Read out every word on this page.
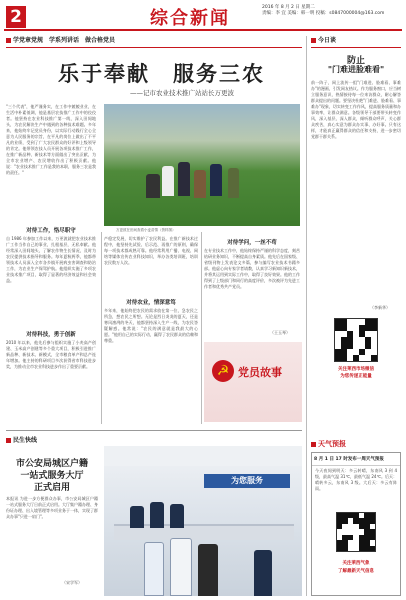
2	综合新闻
2016 年 8 月 2 日 星期二
责编：李 宜 美编：韩一明 投稿：s0847000004@163.com
学党章党规　学系列讲话　做合格党员
乐于奉献　服务三农
——记市农业技术推广站站长万更波
"三个代表"，他严谨务实，在工作中兢兢业业，在生活中朴素低调，他是基层农技推广工作中的佼佼者。他坚持在农业科技推广第一线，深入田间地头，为农民解决生产中遇到的各种技术难题。多年来，他始终牢记党员身份，以实际行动践行全心全意为人民服务的宗旨，在平凡的岗位上做出了不平凡的业绩，受到了广大农民群众的好评和上级领导的肯定。他带领农技人员开展各项技术推广工作，在推广新品种、新技术等方面做出了突出贡献，为全市农业增产、农民增收作出了积极贡献。他说："农业技术推广工作是我的本职，服务三农是我的责任。"
万更波在田间查看小麦苗情（资料图）
对待工作，恪尽职守
自 1986 年参加工作以来，万更波就把农业技术推广工作当作自己的事业，扎根基层，无私奉献。他经常深入田间地头，了解农作物生长情况，及时为农民提供技术指导和服务。每年夏秋两季，他都带领技术人员深入全市各乡镇开展病虫害调查和防治工作，为农业生产保驾护航。他组织实施了多项农业技术推广项目，取得了显著的经济效益和社会效益。
对待科技，勇于创新
2010 年以来，他先后参与组织实施了小麦高产创建、玉米高产创建等多个重大项目，积极引进推广新品种、新技术、新模式，全市粮食单产和总产连年增加。他主持的科研项目多次获得省市科技进步奖，为推动全市农业科技进步作出了重要贡献。
产稳定发展，切实维护了农民利益。在推广新技术过程中，他坚持先试验、后示范、再推广的原则，确保每一项技术都成熟可靠。他经常利用广播、电视、网络等媒体宣传农业科技知识，举办各类培训班，培训农民数万人次。
对待农业，情深意笃
多年来，他始终把农民的需求放在第一位，急农民之所急，想农民之所想。无论是烈日炎炎的夏天，还是寒风凛冽的冬天，他都坚持深入生产一线，为农民答疑解惑。他常说："农民的满意就是我最大的心愿。"他用自己的实际行动，赢得了农民群众的信赖和尊重。
对待学问，一丝不苟
在专业技术工作中，他始终保持严谨的科学态度，刻苦钻研业务知识，不断提高自身素质。他先后在国家级、省级刊物上发表论文多篇，参与编写农业技术书籍多部。他虚心向专家学者请教，认真学习新知识新技术，并将其运用到实际工作中，取得了良好效果。他的工作得到了上级部门和同行的高度评价，多次被评为先进工作者和优秀共产党员。
（王玉琴）
☭ 党员故事
今日谈
防止
"门难进脸难看"
前一阵子，网上流传一组"门难进、脸难看、事难办"的漫画，引发网友热议。作为服务窗口，应当树立服务意识，热情接待每一位来访群众，耐心解答群众提出的问题。要坚决杜绝"门难进、脸难看、事难办"现象，切实转变工作作风，提高服务质量和办事效率，让群众满意。各级领导干部要带头转变作风，深入基层、深入群众，倾听群众呼声，关心群众疾苦，真心实意为群众办实事、办好事。只有这样，才能真正赢得群众的信任和支持，进一步密切党群干群关系。
（李新华）
关注莱西市场微信
为您传递正能量
天气预报
8 月 1 日 17 时发布一周天气预报
今天夜间到明天：多云转晴，东南风 3 到 4 级，最高气温 31℃，最低气温 24℃。后天：晴转多云，东南风 3 级。大后天：多云有阵雨。
关注莱西气象
了解最新天气信息
民生快线
市公安局城区户籍
一站式服务大厅
正式启用
本报讯 为进一步方便群众办事，市公安局城区户籍一站式服务大厅日前正式启用。大厅集户籍办理、身份证办理、出入境管理等多项业务于一体，实现了群众办事"只进一扇门"。
（宋学军）
为您服务
